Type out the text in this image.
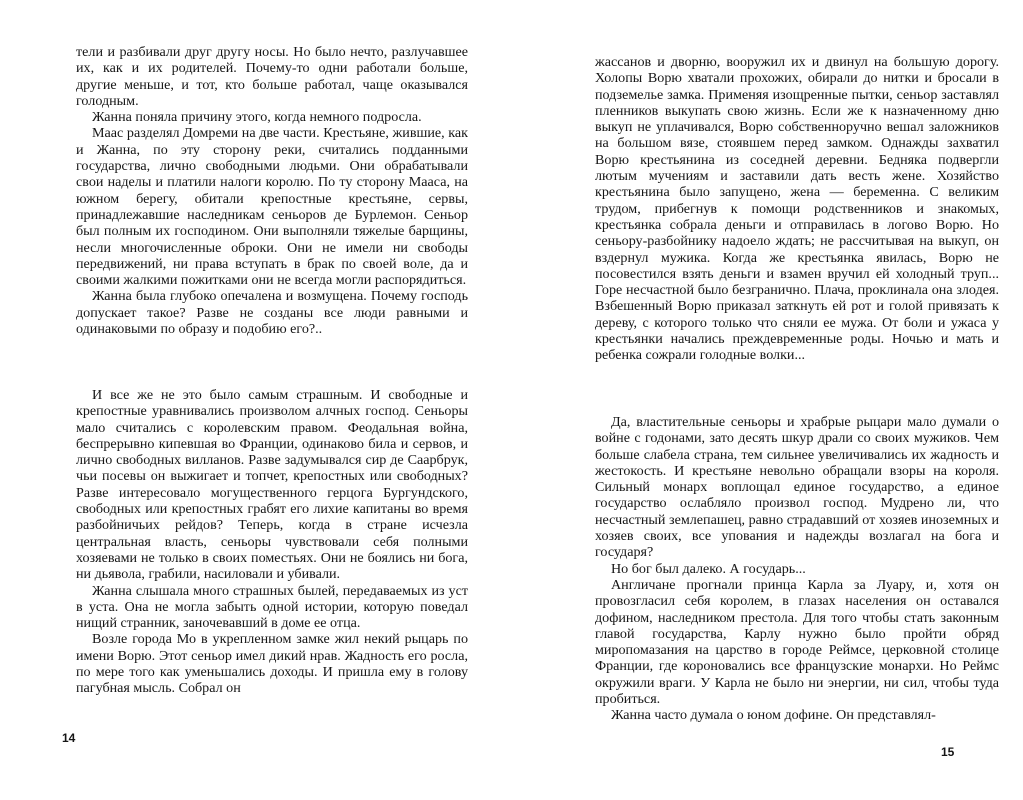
тели и разбивали друг другу носы. Но было нечто, разлучавшее их, как и их родителей. Почему-то одни работали больше, другие меньше, и тот, кто больше работал, чаще оказывался голодным.

Жанна поняла причину этого, когда немного подросла.

Маас разделял Домреми на две части. Крестьяне, жившие, как и Жанна, по эту сторону реки, считались подданными государства, лично свободными людьми. Они обрабатывали свои наделы и платили налоги королю. По ту сторону Мааса, на южном берегу, обитали крепостные крестьяне, сервы, принадлежавшие наследникам сеньоров де Бурлемон. Сеньор был полным их господином. Они выполняли тяжелые барщины, несли многочисленные оброки. Они не имели ни свободы передвижений, ни права вступать в брак по своей воле, да и своими жалкими пожитками они не всегда могли распорядиться.

Жанна была глубоко опечалена и возмущена. Почему господь допускает такое? Разве не созданы все люди равными и одинаковыми по образу и подобию его?..

И все же не это было самым страшным. И свободные и крепостные уравнивались произволом алчных господ. Сеньоры мало считались с королевским правом. Феодальная война, беспрерывно кипевшая во Франции, одинаково била и сервов, и лично свободных вилланов. Разве задумывался сир де Саарбрук, чьи посевы он выжигает и топчет, крепостных или свободных? Разве интересовало могущественного герцога Бургундского, свободных или крепостных грабят его лихие капитаны во время разбойничьих рейдов? Теперь, когда в стране исчезла центральная власть, сеньоры чувствовали себя полными хозяевами не только в своих поместьях. Они не боялись ни бога, ни дьявола, грабили, насиловали и убивали.

Жанна слышала много страшных былей, передаваемых из уст в уста. Она не могла забыть одной истории, которую поведал нищий странник, заночевавший в доме ее отца.

Возле города Мо в укрепленном замке жил некий рыцарь по имени Ворю. Этот сеньор имел дикий нрав. Жадность его росла, по мере того как уменьшались доходы. И пришла ему в голову пагубная мысль. Собрал он

14

жассанов и дворню, вооружил их и двинул на большую дорогу. Холопы Ворю хватали прохожих, обирали до нитки и бросали в подземелье замка. Применяя изощренные пытки, сеньор заставлял пленников выкупать свою жизнь. Если же к назначенному дню выкуп не уплачивался, Ворю собственноручно вешал заложников на большом вязе, стоявшем перед замком. Однажды захватил Ворю крестьянина из соседней деревни. Бедняка подвергли лютым мучениям и заставили дать весть жене. Хозяйство крестьянина было запущено, жена — беременна. С великим трудом, прибегнув к помощи родственников и знакомых, крестьянка собрала деньги и отправилась в логово Ворю. Но сеньору-разбойнику надоело ждать; не рассчитывая на выкуп, он вздернул мужика. Когда же крестьянка явилась, Ворю не посовестился взять деньги и взамен вручил ей холодный труп... Горе несчастной было безгранично. Плача, проклинала она злодея. Взбешенный Ворю приказал заткнуть ей рот и голой привязать к дереву, с которого только что сняли ее мужа. От боли и ужаса у крестьянки начались преждевременные роды. Ночью и мать и ребенка сожрали голодные волки...

Да, властительные сеньоры и храбрые рыцари мало думали о войне с годонами, зато десять шкур драли со своих мужиков. Чем больше слабела страна, тем сильнее увеличивались их жадность и жестокость. И крестьяне невольно обращали взоры на короля. Сильный монарх воплощал единое государство, а единое государство ослабляло произвол господ. Мудрено ли, что несчастный землепашец, равно страдавший от хозяев иноземных и хозяев своих, все упования и надежды возлагал на бога и государя?

Но бог был далеко. А государь...

Англичане прогнали принца Карла за Луару, и, хотя он провозгласил себя королем, в глазах населения он оставался дофином, наследником престола. Для того чтобы стать законным главой государства, Карлу нужно было пройти обряд миропомазания на царство в городе Реймсе, церковной столице Франции, где короновались все французские монархи. Но Реймс окружили враги. У Карла не было ни энергии, ни сил, чтобы туда пробиться.

Жанна часто думала о юном дофине. Он представлял-

15
